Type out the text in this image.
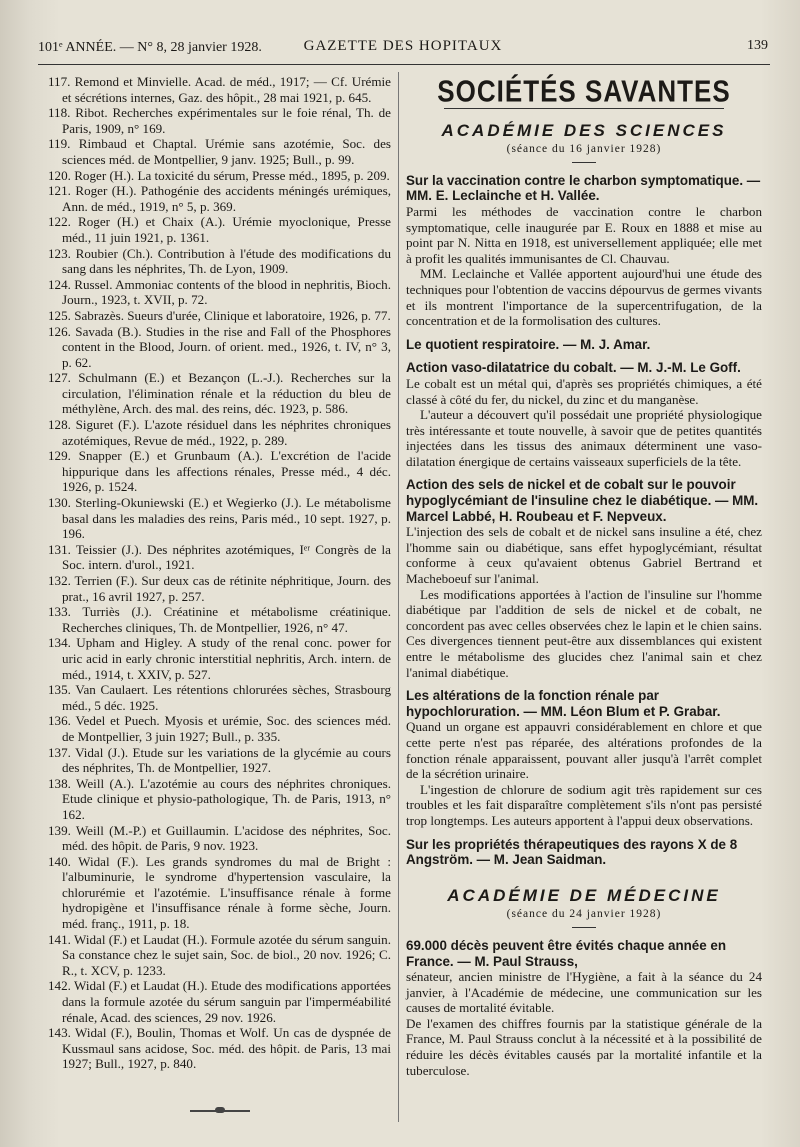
101ᵉ ANNÉE. — N° 8, 28 janvier 1928.	GAZETTE DES HOPITAUX	139

117. Remond et Minvielle. Acad. de méd., 1917; — Cf. Urémie et sécrétions internes, Gaz. des hôpit., 28 mai 1921, p. 645.

118. Ribot. Recherches expérimentales sur le foie rénal, Th. de Paris, 1909, n° 169.

119. Rimbaud et Chaptal. Urémie sans azotémie, Soc. des sciences méd. de Montpellier, 9 janv. 1925; Bull., p. 99.

120. Roger (H.). La toxicité du sérum, Presse méd., 1895, p. 209.

121. Roger (H.). Pathogénie des accidents méningés urémiques, Ann. de méd., 1919, n° 5, p. 369.

122. Roger (H.) et Chaix (A.). Urémie myoclonique, Presse méd., 11 juin 1921, p. 1361.

123. Roubier (Ch.). Contribution à l'étude des modifications du sang dans les néphrites, Th. de Lyon, 1909.

124. Russel. Ammoniac contents of the blood in nephritis, Bioch. Journ., 1923, t. XVII, p. 72.

125. Sabrazès. Sueurs d'urée, Clinique et laboratoire, 1926, p. 77.

126. Savada (B.). Studies in the rise and Fall of the Phosphores content in the Blood, Journ. of orient. med., 1926, t. IV, n° 3, p. 62.

127. Schulmann (E.) et Bezançon (L.-J.). Recherches sur la circulation, l'élimination rénale et la réduction du bleu de méthylène, Arch. des mal. des reins, déc. 1923, p. 586.

128. Siguret (F.). L'azote résiduel dans les néphrites chroniques azotémiques, Revue de méd., 1922, p. 289.

129. Snapper (E.) et Grunbaum (A.). L'excrétion de l'acide hippurique dans les affections rénales, Presse méd., 4 déc. 1926, p. 1524.

130. Sterling-Okuniewski (E.) et Wegierko (J.). Le métabolisme basal dans les maladies des reins, Paris méd., 10 sept. 1927, p. 196.

131. Teissier (J.). Des néphrites azotémiques, Iᵉʳ Congrès de la Soc. intern. d'urol., 1921.

132. Terrien (F.). Sur deux cas de rétinite néphritique, Journ. des prat., 16 avril 1927, p. 257.

133. Turriès (J.). Créatinine et métabolisme créatinique. Recherches cliniques, Th. de Montpellier, 1926, n° 47.

134. Upham and Higley. A study of the renal conc. power for uric acid in early chronic interstitial nephritis, Arch. intern. de méd., 1914, t. XXIV, p. 527.

135. Van Caulaert. Les rétentions chlorurées sèches, Strasbourg méd., 5 déc. 1925.

136. Vedel et Puech. Myosis et urémie, Soc. des sciences méd. de Montpellier, 3 juin 1927; Bull., p. 335.

137. Vidal (J.). Etude sur les variations de la glycémie au cours des néphrites, Th. de Montpellier, 1927.

138. Weill (A.). L'azotémie au cours des néphrites chroniques. Etude clinique et physio-pathologique, Th. de Paris, 1913, n° 162.

139. Weill (M.-P.) et Guillaumin. L'acidose des néphrites, Soc. méd. des hôpit. de Paris, 9 nov. 1923.

140. Widal (F.). Les grands syndromes du mal de Bright : l'albuminurie, le syndrome d'hypertension vasculaire, la chlorurémie et l'azotémie. L'insuffisance rénale à forme hydropigène et l'insuffisance rénale à forme sèche, Journ. méd. franç., 1911, p. 18.

141. Widal (F.) et Laudat (H.). Formule azotée du sérum sanguin. Sa constance chez le sujet sain, Soc. de biol., 20 nov. 1926; C. R., t. XCV, p. 1233.

142. Widal (F.) et Laudat (H.). Etude des modifications apportées dans la formule azotée du sérum sanguin par l'imperméabilité rénale, Acad. des sciences, 29 nov. 1926.

143. Widal (F.), Boulin, Thomas et Wolf. Un cas de dyspnée de Kussmaul sans acidose, Soc. méd. des hôpit. de Paris, 13 mai 1927; Bull., 1927, p. 840.

SOCIÉTÉS SAVANTES
ACADÉMIE DES SCIENCES
(séance du 16 janvier 1928)
Sur la vaccination contre le charbon symptomatique. — MM. E. Leclainche et H. Vallée.

Parmi les méthodes de vaccination contre le charbon symptomatique, celle inaugurée par E. Roux en 1888 et mise au point par N. Nitta en 1918, est universellement appliquée; elle met à profit les qualités immunisantes de Cl. Chauvau.

MM. Leclainche et Vallée apportent aujourd'hui une étude des techniques pour l'obtention de vaccins dépourvus de germes vivants et ils montrent l'importance de la supercentrifugation, de la concentration et de la formolisation des cultures.

Le quotient respiratoire. — M. J. Amar.
Action vaso-dilatatrice du cobalt. — M. J.-M. Le Goff.

Le cobalt est un métal qui, d'après ses propriétés chimiques, a été classé à côté du fer, du nickel, du zinc et du manganèse.

L'auteur a découvert qu'il possédait une propriété physiologique très intéressante et toute nouvelle, à savoir que de petites quantités injectées dans les tissus des animaux déterminent une vaso-dilatation énergique de certains vaisseaux superficiels de la tête.

Action des sels de nickel et de cobalt sur le pouvoir hypoglycémiant de l'insuline chez le diabétique. — MM. Marcel Labbé, H. Roubeau et F. Nepveux.

L'injection des sels de cobalt et de nickel sans insuline a été, chez l'homme sain ou diabétique, sans effet hypoglycémiant, résultat conforme à ceux qu'avaient obtenus Gabriel Bertrand et Macheboeuf sur l'animal.

Les modifications apportées à l'action de l'insuline sur l'homme diabétique par l'addition de sels de nickel et de cobalt, ne concordent pas avec celles observées chez le lapin et le chien sains. Ces divergences tiennent peut-être aux dissemblances qui existent entre le métabolisme des glucides chez l'animal sain et chez l'animal diabétique.

Les altérations de la fonction rénale par hypochloruration. — MM. Léon Blum et P. Grabar.

Quand un organe est appauvri considérablement en chlore et que cette perte n'est pas réparée, des altérations profondes de la fonction rénale apparaissent, pouvant aller jusqu'à l'arrêt complet de la sécrétion urinaire.

L'ingestion de chlorure de sodium agit très rapidement sur ces troubles et les fait disparaître complètement s'ils n'ont pas persisté trop longtemps. Les auteurs apportent à l'appui deux observations.

Sur les propriétés thérapeutiques des rayons X de 8 Angström. — M. Jean Saidman.
ACADÉMIE DE MÉDECINE
(séance du 24 janvier 1928)
69.000 décès peuvent être évités chaque année en France. — M. Paul Strauss,

sénateur, ancien ministre de l'Hygiène, a fait à la séance du 24 janvier, à l'Académie de médecine, une communication sur les causes de mortalité évitable.

De l'examen des chiffres fournis par la statistique générale de la France, M. Paul Strauss conclut à la nécessité et à la possibilité de réduire les décès évitables causés par la mortalité infantile et la tuberculose.
